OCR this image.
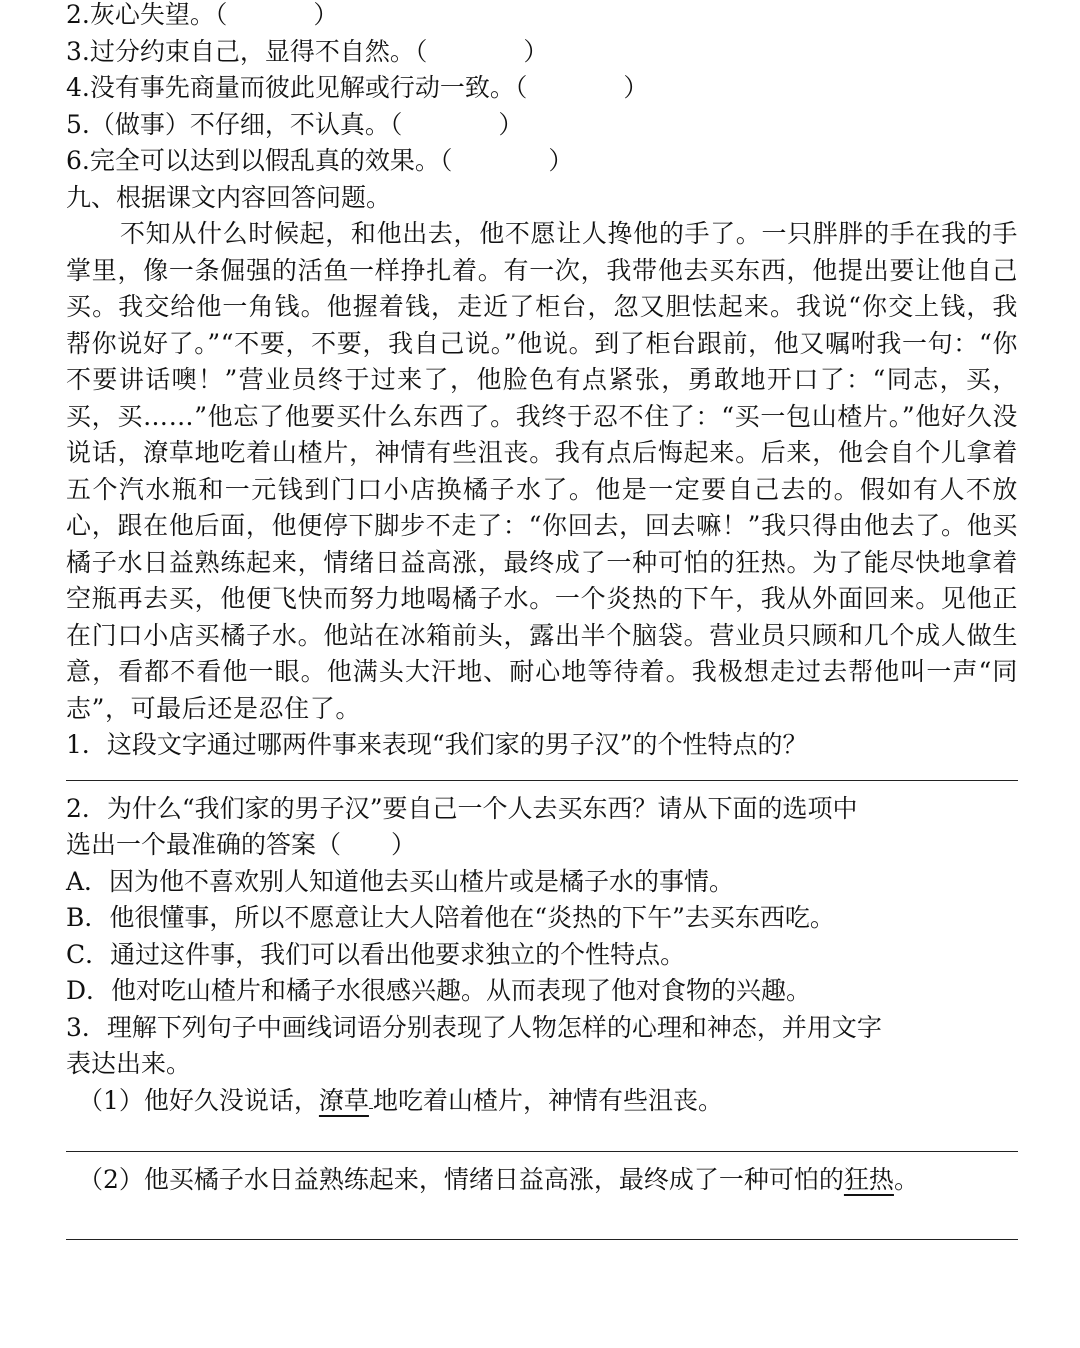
2.灰心失望。（	）

3.过分约束自己，显得不自然。（	）

4.没有事先商量而彼此见解或行动一致。（	）

5.（做事）不仔细，不认真。（	）

6.完全可以达到以假乱真的效果。（	）

九、根据课文内容回答问题。

不知从什么时候起，和他出去，他不愿让人搀他的手了。一只胖胖的手在我的手掌里，像一条倔强的活鱼一样挣扎着。有一次，我带他去买东西，他提出要让他自己买。我交给他一角钱。他握着钱，走近了柜台，忽又胆怯起来。我说“你交上钱，我帮你说好了。”“不要，不要，我自己说。”他说。到了柜台跟前，他又嘱咐我一句：“你不要讲话噢！”营业员终于过来了，他脸色有点紧张，勇敢地开口了：“同志，买，买，买……”他忘了他要买什么东西了。我终于忍不住了：“买一包山楂片。”他好久没说话，潦草地吃着山楂片，神情有些沮丧。我有点后悔起来。后来，他会自个儿拿着五个汽水瓶和一元钱到门口小店换橘子水了。他是一定要自己去的。假如有人不放心，跟在他后面，他便停下脚步不走了：“你回去，回去嘛！”我只得由他去了。他买橘子水日益熟练起来，情绪日益高涨，最终成了一种可怕的狂热。为了能尽快地拿着空瓶再去买，他便飞快而努力地喝橘子水。一个炎热的下午，我从外面回来。见他正在门口小店买橘子水。他站在冰箱前头，露出半个脑袋。营业员只顾和几个成人做生意，看都不看他一眼。他满头大汗地、耐心地等待着。我极想走过去帮他叫一声“同志”，可最后还是忍住了。

1．这段文字通过哪两件事来表现“我们家的男子汉”的个性特点的？

2．为什么“我们家的男子汉”要自己一个人去买东西？请从下面的选项中

选出一个最准确的答案（ ）

A．因为他不喜欢别人知道他去买山楂片或是橘子水的事情。

B．他很懂事，所以不愿意让大人陪着他在“炎热的下午”去买东西吃。

C．通过这件事，我们可以看出他要求独立的个性特点。

D．他对吃山楂片和橘子水很感兴趣。从而表现了他对食物的兴趣。

3．理解下列句子中画线词语分别表现了人物怎样的心理和神态，并用文字

表达出来。

（1）他好久没说话，潦草 地吃着山楂片，神情有些沮丧。

（2）他买橘子水日益熟练起来，情绪日益高涨，最终成了一种可怕的狂热。
